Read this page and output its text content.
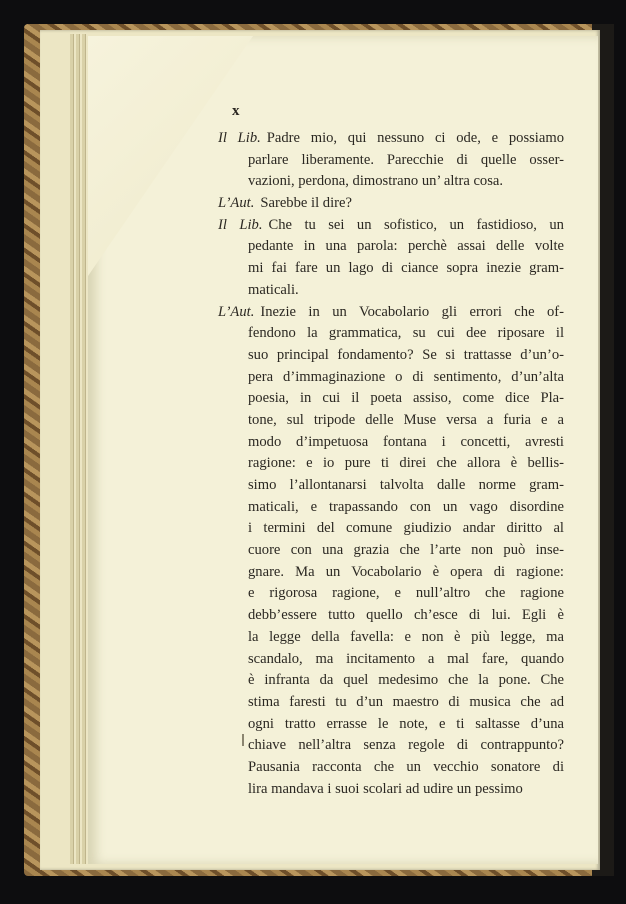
x
Il Lib. Padre mio, qui nessuno ci ode, e possiamo
parlare liberamente. Parecchie di quelle osser-
vazioni, perdona, dimostrano un’ altra cosa.
L’Aut. Sarebbe il dire?
Il Lib. Che tu sei un sofistico, un fastidioso, un
pedante in una parola: perchè assai delle volte
mi fai fare un lago di ciance sopra inezie gram-
maticali.
L’Aut. Inezie in un Vocabolario gli errori che of-
fendono la grammatica, su cui dee riposare il
suo principal fondamento? Se si trattasse d’un’o-
pera d’immaginazione o di sentimento, d’un’alta
poesia, in cui il poeta assiso, come dice Pla-
tone, sul tripode delle Muse versa a furia e a
modo d’impetuosa fontana i concetti, avresti
ragione: e io pure ti direi che allora è bellis-
simo l’allontanarsi talvolta dalle norme gram-
maticali, e trapassando con un vago disordine
i termini del comune giudizio andar diritto al
cuore con una grazia che l’arte non può inse-
gnare. Ma un Vocabolario è opera di ragione:
e rigorosa ragione, e null’altro che ragione
debb’essere tutto quello ch’esce di lui. Egli è
la legge della favella: e non è più legge, ma
scandalo, ma incitamento a mal fare, quando
è infranta da quel medesimo che la pone. Che
stima faresti tu d’un maestro di musica che ad
ogni tratto errasse le note, e ti saltasse d’una
chiave nell’altra senza regole di contrappunto?
Pausania racconta che un vecchio sonatore di
lira mandava i suoi scolari ad udire un pessimo
